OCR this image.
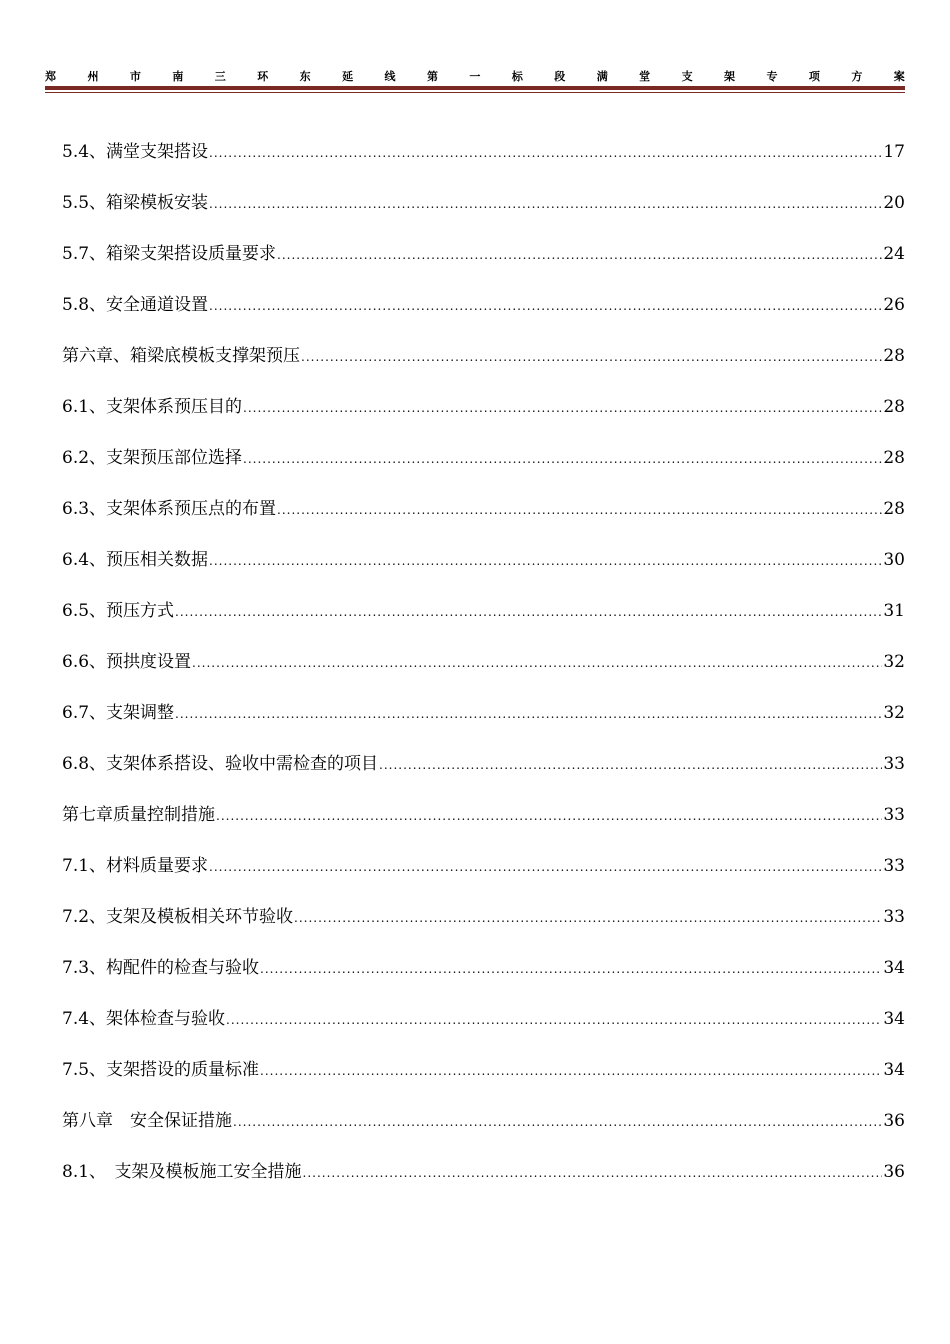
郑	州	市	南	三	环	东	延	线	第	一	标	段	满	堂	支	架	专	项	方	案
5.4、满堂支架搭设 .....	17
5.5、箱梁模板安装 .....	20
5.7、箱梁支架搭设质量要求 .....	24
5.8、安全通道设置 .....	26
第六章、箱梁底模板支撑架预压 .....	28
6.1、支架体系预压目的 .....	28
6.2、支架预压部位选择 .....	28
6.3、支架体系预压点的布置 .....	28
6.4、预压相关数据 .....	30
6.5、预压方式 .....	31
6.6、预拱度设置 .....	32
6.7、支架调整 .....	32
6.8、支架体系搭设、验收中需检查的项目 .....	33
第七章质量控制措施 .....	33
7.1、材料质量要求 .....	33
7.2、支架及模板相关环节验收 .....	33
7.3、构配件的检查与验收 .....	34
7.4、架体检查与验收 .....	34
7.5、支架搭设的质量标准 .....	34
第八章　安全保证措施 .....	36
8.1、　支架及模板施工安全措施 .....	36
